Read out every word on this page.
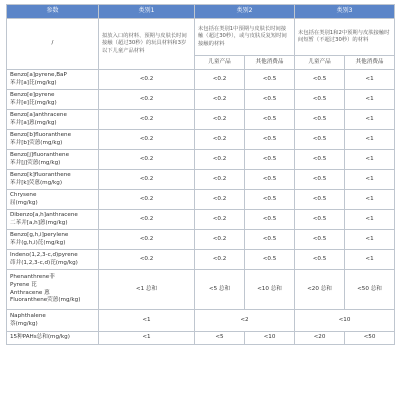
参数	类别1	类别2		类别3	
/	拟放入口的材料、预期与皮肤长时间接触（超过30秒）的玩具材料和3岁以下儿童产品材料	未包括在类别1中预期与皮肤长时间接触（超过30秒），或与皮肤反复短时间接触的材料		未包括在类别1和2中预期与皮肤接触时间短暂（不超过30秒）的材料	
		儿童产品	其他消费品	儿童产品	其他消费品

Benzo[a]pyrene,BaP
苯并[a]芘(mg/kg)	<0.2	<0.2	<0.5	<0.5	<1

Benzo[e]pyrene
苯并[e]芘(mg/kg)	<0.2	<0.2	<0.5	<0.5	<1

Benzo[a]anthracene
苯并[a]蒽(mg/kg)	<0.2	<0.2	<0.5	<0.5	<1

Benzo[b]fluoranthene
苯并[b]荧蒽(mg/kg)	<0.2	<0.2	<0.5	<0.5	<1

Benzo[j]fluoranthene
苯并[j]荧蒽(mg/kg)	<0.2	<0.2	<0.5	<0.5	<1

Benzo[k]fluoranthene
苯并[k]荧蒽(mg/kg)	<0.2	<0.2	<0.5	<0.5	<1

Chrysene
屈(mg/kg)	<0.2	<0.2	<0.5	<0.5	<1

Dibenzo[a,h]anthracene
二苯并[a,h]蒽(mg/kg)	<0.2	<0.2	<0.5	<0.5	<1

Benzo[g,h,i]perylene
苯并(g,h,i)芘(mg/kg)	<0.2	<0.2	<0.5	<0.5	<1

Indeno(1,2,3-c,d)pyrene
茚并(1,2,3-c,d)芘(mg/kg)	<0.2	<0.2	<0.5	<0.5	<1

Phenanthrene菲
Pyrene 芘
Anthracene 蒽
Fluoranthene荧蒽(mg/kg)	<1 总和	<5 总和	<10 总和	<20 总和	<50 总和

Naphthalene
萘(mg/kg)	<1	<2		<10	
15种PAHs总和(mg/kg)	<1	<5	<10	<20	<50
